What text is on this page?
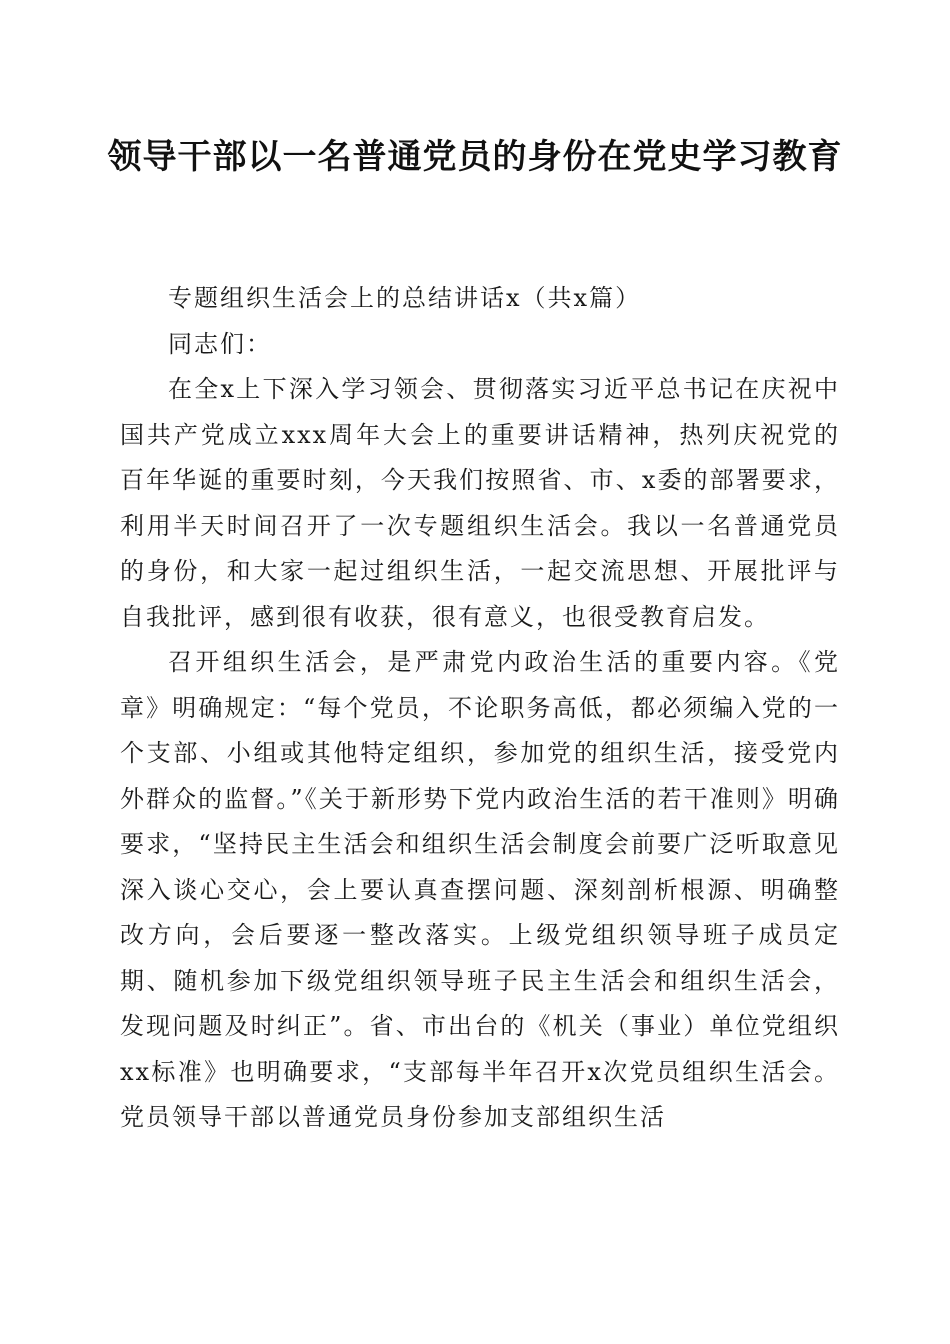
领导干部以一名普通党员的身份在党史学习教育

专题组织生活会上的总结讲话x（共x篇）

同志们：

在全x上下深入学习领会、贯彻落实习近平总书记在庆祝中国共产党成立xxx周年大会上的重要讲话精神，热列庆祝党的百年华诞的重要时刻，今天我们按照省、市、x委的部署要求，利用半天时间召开了一次专题组织生活会。我以一名普通党员的身份，和大家一起过组织生活，一起交流思想、开展批评与自我批评，感到很有收获，很有意义，也很受教育启发。

召开组织生活会，是严肃党内政治生活的重要内容。《党章》明确规定：“每个党员，不论职务高低，都必须编入党的一个支部、小组或其他特定组织，参加党的组织生活，接受党内外群众的监督。”《关于新形势下党内政治生活的若干准则》明确要求，“坚持民主生活会和组织生活会制度会前要广泛听取意见深入谈心交心，会上要认真查摆问题、深刻剖析根源、明确整改方向，会后要逐一整改落实。上级党组织领导班子成员定期、随机参加下级党组织领导班子民主生活会和组织生活会，发现问题及时纠正”。省、市出台的《机关（事业）单位党组织xx标准》也明确要求，“支部每半年召开x次党员组织生活会。党员领导干部以普通党员身份参加支部组织生活
